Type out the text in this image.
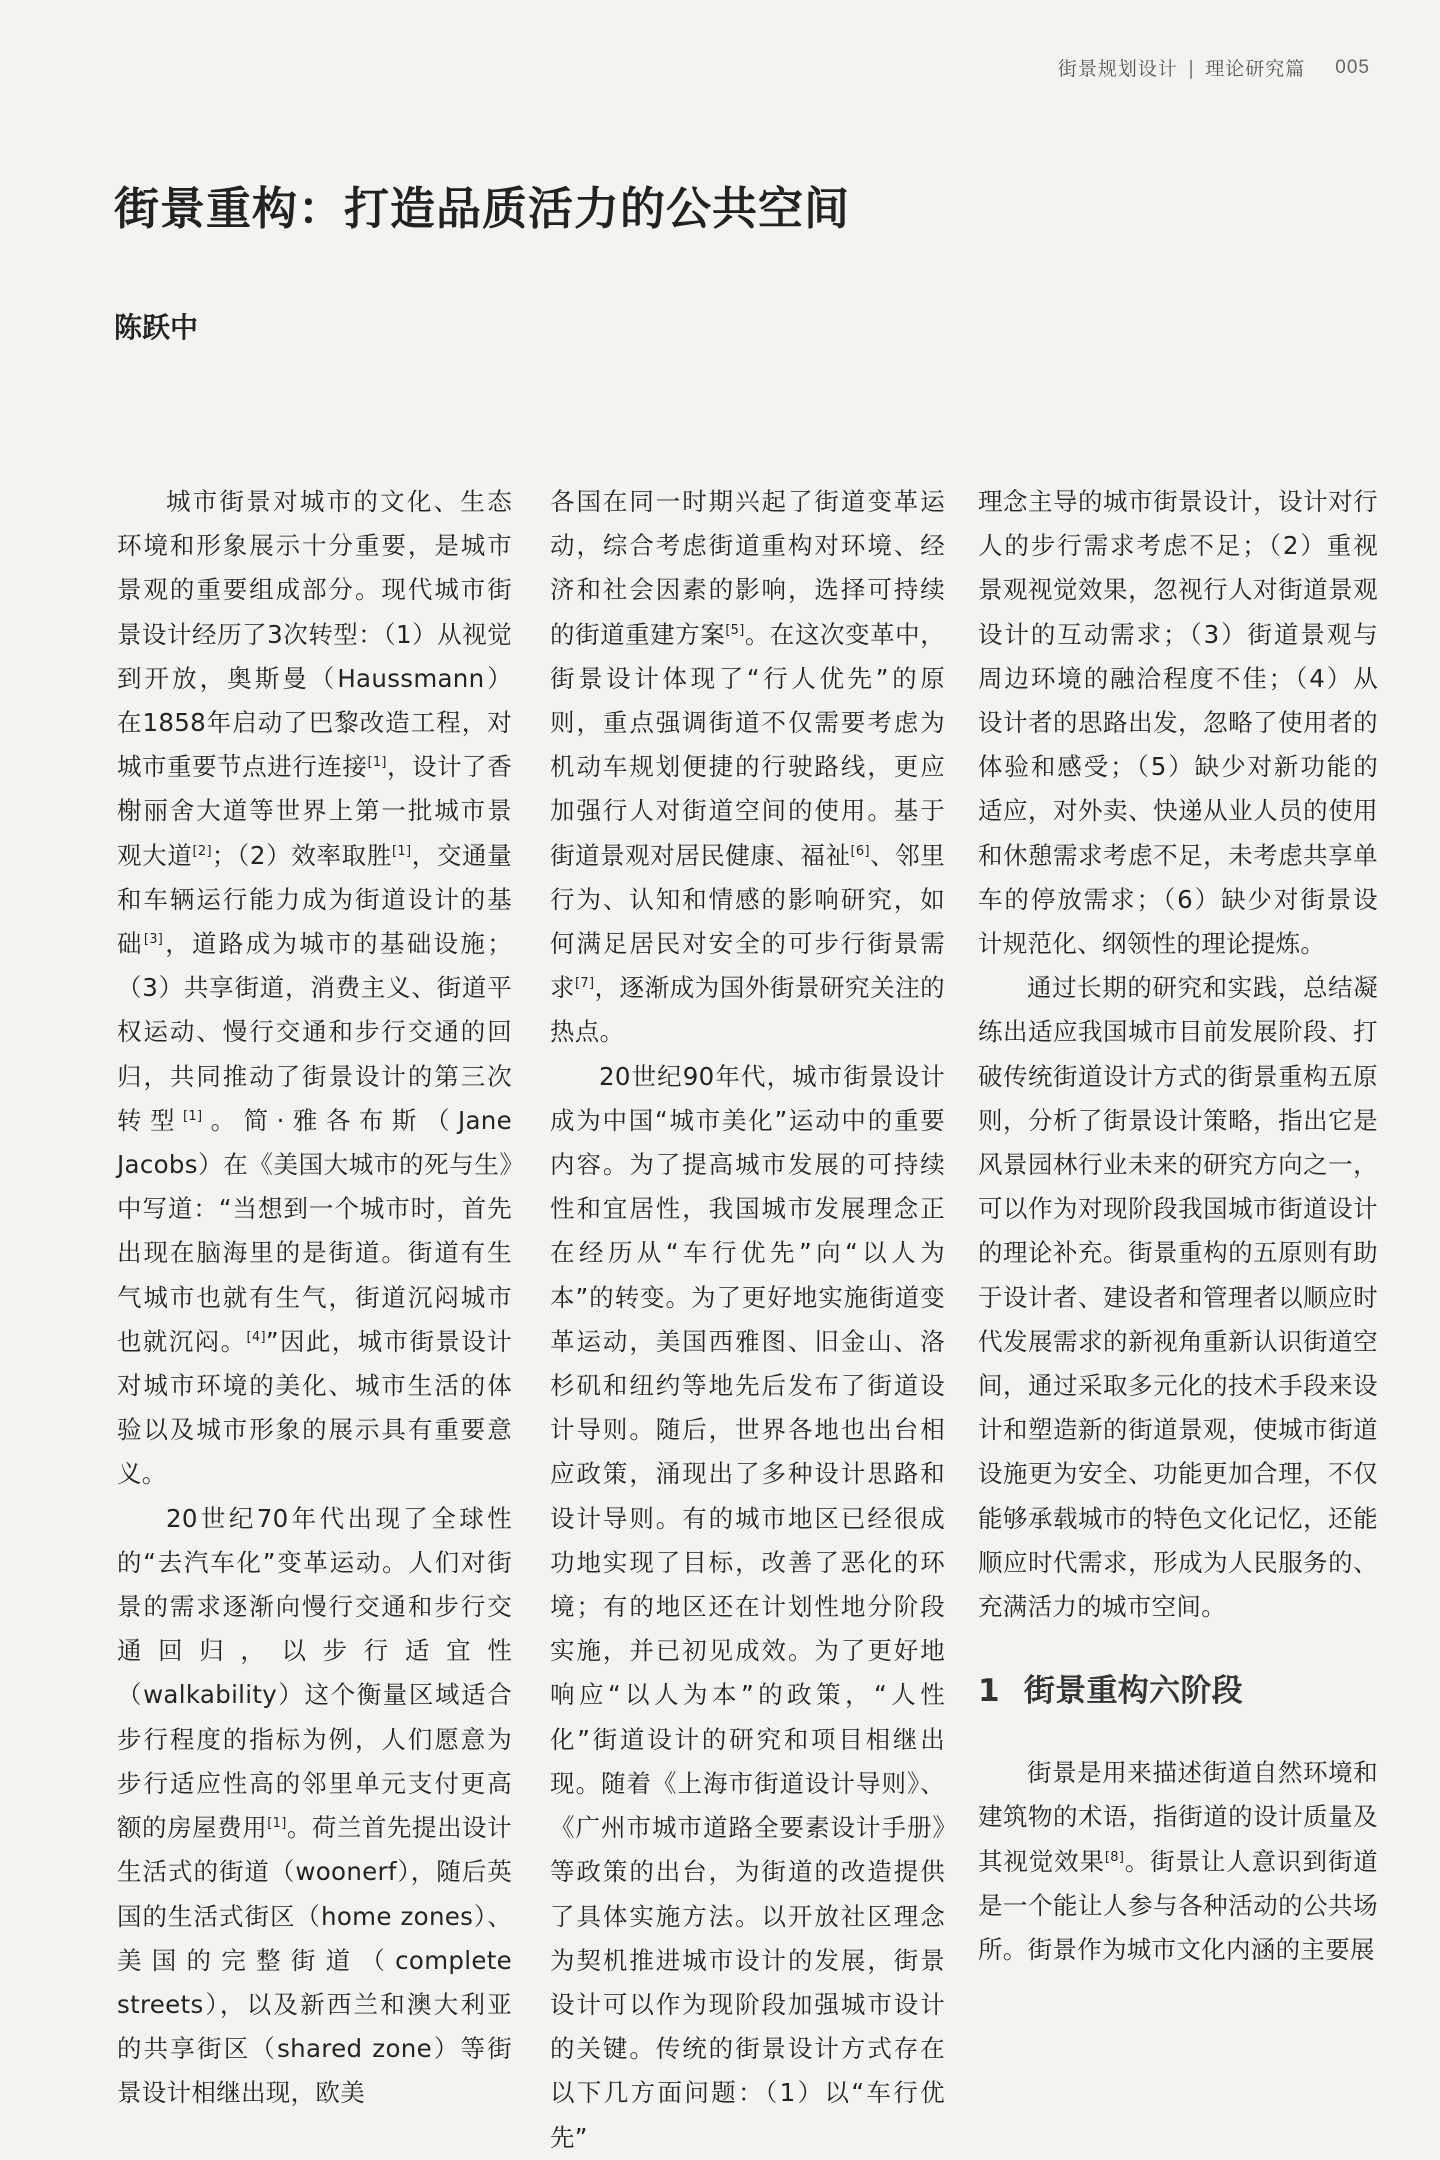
街景规划设计 | 理论研究篇 005
街景重构：打造品质活力的公共空间
陈跃中

城市街景对城市的文化、生态环境和形象展示十分重要，是城市景观的重要组成部分。现代城市街景设计经历了3次转型：（1）从视觉到开放，奥斯曼（Haussmann）在1858年启动了巴黎改造工程，对城市重要节点进行连接[1]，设计了香榭丽舍大道等世界上第一批城市景观大道[2]；（2）效率取胜[1]，交通量和车辆运行能力成为街道设计的基础[3]，道路成为城市的基础设施；（3）共享街道，消费主义、街道平权运动、慢行交通和步行交通的回归，共同推动了街景设计的第三次转型[1]。简·雅各布斯（Jane Jacobs）在《美国大城市的死与生》中写道：“当想到一个城市时，首先出现在脑海里的是街道。街道有生气城市也就有生气，街道沉闷城市也就沉闷。[4]”因此，城市街景设计对城市环境的美化、城市生活的体验以及城市形象的展示具有重要意义。

20世纪70年代出现了全球性的“去汽车化”变革运动。人们对街景的需求逐渐向慢行交通和步行交通回归，以步行适宜性（walkability）这个衡量区域适合步行程度的指标为例，人们愿意为步行适应性高的邻里单元支付更高额的房屋费用[1]。荷兰首先提出设计生活式的街道（woonerf），随后英国的生活式街区（home zones）、美国的完整街道（complete streets），以及新西兰和澳大利亚的共享街区（shared zone）等街景设计相继出现，欧美

各国在同一时期兴起了街道变革运动，综合考虑街道重构对环境、经济和社会因素的影响，选择可持续的街道重建方案[5]。在这次变革中，街景设计体现了“行人优先”的原则，重点强调街道不仅需要考虑为机动车规划便捷的行驶路线，更应加强行人对街道空间的使用。基于街道景观对居民健康、福祉[6]、邻里行为、认知和情感的影响研究，如何满足居民对安全的可步行街景需求[7]，逐渐成为国外街景研究关注的热点。

20世纪90年代，城市街景设计成为中国“城市美化”运动中的重要内容。为了提高城市发展的可持续性和宜居性，我国城市发展理念正在经历从“车行优先”向“以人为本”的转变。为了更好地实施街道变革运动，美国西雅图、旧金山、洛杉矶和纽约等地先后发布了街道设计导则。随后，世界各地也出台相应政策，涌现出了多种设计思路和设计导则。有的城市地区已经很成功地实现了目标，改善了恶化的环境；有的地区还在计划性地分阶段实施，并已初见成效。为了更好地响应“以人为本”的政策，“人性化”街道设计的研究和项目相继出现。随着《上海市街道设计导则》、《广州市城市道路全要素设计手册》等政策的出台，为街道的改造提供了具体实施方法。以开放社区理念为契机推进城市设计的发展，街景设计可以作为现阶段加强城市设计的关键。传统的街景设计方式存在以下几方面问题：（1）以“车行优先”

理念主导的城市街景设计，设计对行人的步行需求考虑不足；（2）重视景观视觉效果，忽视行人对街道景观设计的互动需求；（3）街道景观与周边环境的融洽程度不佳；（4）从设计者的思路出发，忽略了使用者的体验和感受；（5）缺少对新功能的适应，对外卖、快递从业人员的使用和休憩需求考虑不足，未考虑共享单车的停放需求；（6）缺少对街景设计规范化、纲领性的理论提炼。

通过长期的研究和实践，总结凝练出适应我国城市目前发展阶段、打破传统街道设计方式的街景重构五原则，分析了街景设计策略，指出它是风景园林行业未来的研究方向之一，可以作为对现阶段我国城市街道设计的理论补充。街景重构的五原则有助于设计者、建设者和管理者以顺应时代发展需求的新视角重新认识街道空间，通过采取多元化的技术手段来设计和塑造新的街道景观，使城市街道设施更为安全、功能更加合理，不仅能够承载城市的特色文化记忆，还能顺应时代需求，形成为人民服务的、充满活力的城市空间。

1 街景重构六阶段

街景是用来描述街道自然环境和建筑物的术语，指街道的设计质量及其视觉效果[8]。街景让人意识到街道是一个能让人参与各种活动的公共场所。街景作为城市文化内涵的主要展
